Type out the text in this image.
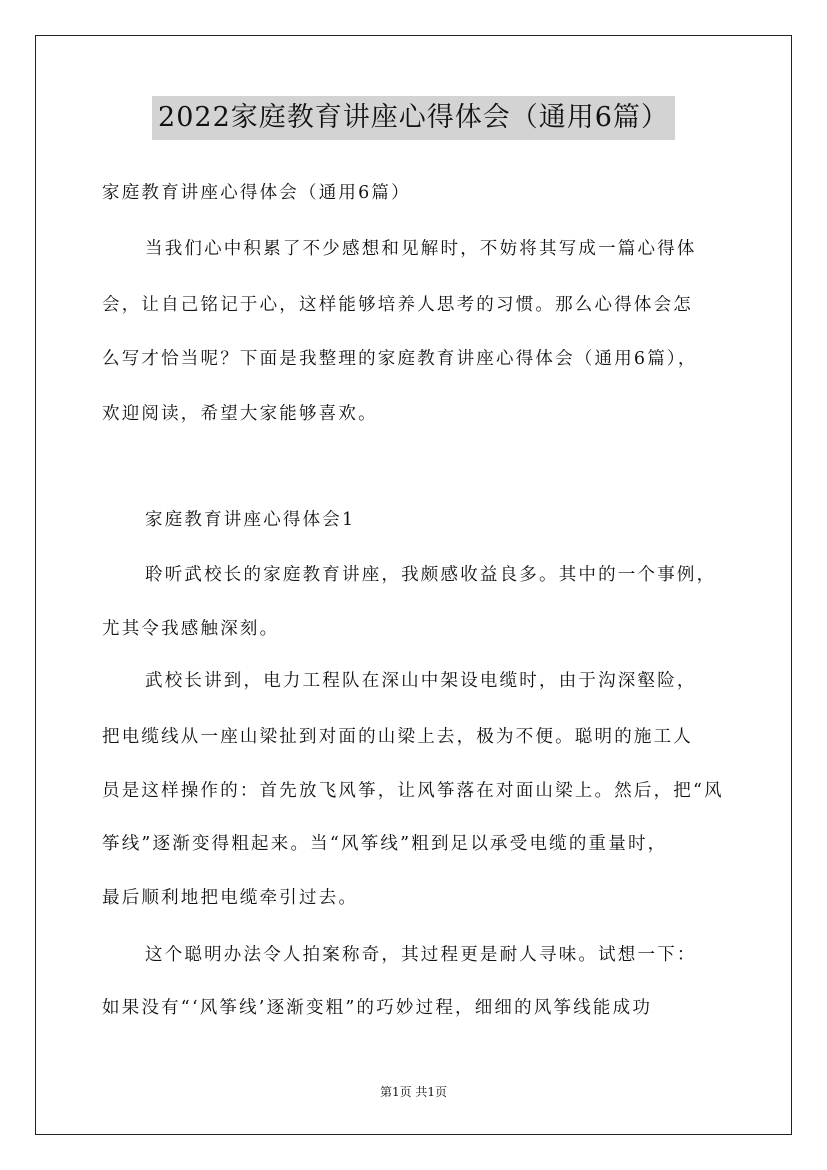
2022家庭教育讲座心得体会（通用6篇）
家庭教育讲座心得体会（通用6篇）
当我们心中积累了不少感想和见解时，不妨将其写成一篇心得体
会，让自己铭记于心，这样能够培养人思考的习惯。那么心得体会怎
么写才恰当呢？下面是我整理的家庭教育讲座心得体会（通用6篇），
欢迎阅读，希望大家能够喜欢。
家庭教育讲座心得体会1
聆听武校长的家庭教育讲座，我颇感收益良多。其中的一个事例，
尤其令我感触深刻。
武校长讲到，电力工程队在深山中架设电缆时，由于沟深壑险，
把电缆线从一座山梁扯到对面的山梁上去，极为不便。聪明的施工人
员是这样操作的：首先放飞风筝，让风筝落在对面山梁上。然后，把“风
筝线”逐渐变得粗起来。当“风筝线”粗到足以承受电缆的重量时，
最后顺利地把电缆牵引过去。
这个聪明办法令人拍案称奇，其过程更是耐人寻味。试想一下：
如果没有“‘风筝线’逐渐变粗”的巧妙过程，细细的风筝线能成功
第1页 共1页
